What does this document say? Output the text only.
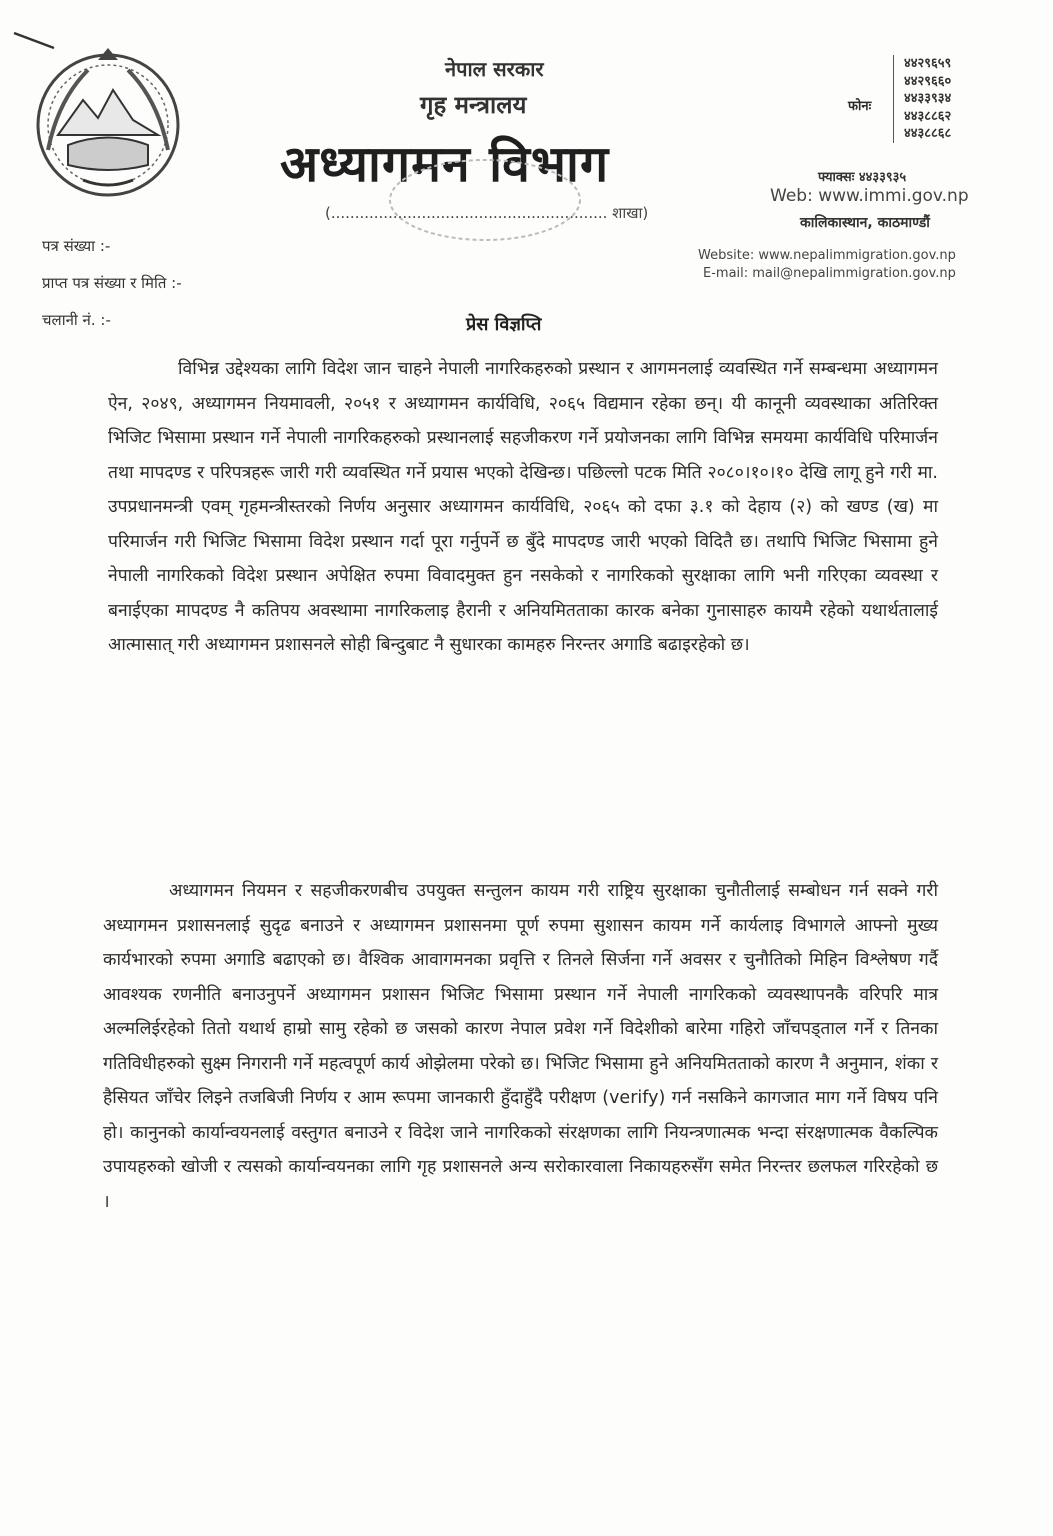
नेपाल सरकार
गृह मन्त्रालय
अध्यागमन विभाग
(.......................................................... शाखा)
फोनः
४४२९६५९
४४२९६६०
४४३३९३४
४४३८८६२
४४३८८६८
फ्याक्सः ४४३३९३५
Web: www.immi.gov.np
कालिकास्थान, काठमाण्डौं
Website: www.nepalimmigration.gov.np
E-mail: mail@nepalimmigration.gov.np
पत्र संख्या :-
प्राप्त पत्र संख्या र मिति :-
चलानी नं. :-	प्रेस विज्ञप्ति
विभिन्न उद्देश्यका लागि विदेश जान चाहने नेपाली नागरिकहरुको प्रस्थान र आगमनलाई व्यवस्थित गर्ने सम्बन्धमा अध्यागमन ऐन, २०४९, अध्यागमन नियमावली, २०५१ र अध्यागमन कार्यविधि, २०६५ विद्यमान रहेका छन्। यी कानूनी व्यवस्थाका अतिरिक्त भिजिट भिसामा प्रस्थान गर्ने नेपाली नागरिकहरुको प्रस्थानलाई सहजीकरण गर्ने प्रयोजनका लागि विभिन्न समयमा कार्यविधि परिमार्जन तथा मापदण्ड र परिपत्रहरू जारी गरी व्यवस्थित गर्ने प्रयास भएको देखिन्छ। पछिल्लो पटक मिति २०८०।१०।१० देखि लागू हुने गरी मा. उपप्रधानमन्त्री एवम् गृहमन्त्रीस्तरको निर्णय अनुसार अध्यागमन कार्यविधि, २०६५ को दफा ३.१ को देहाय (२) को खण्ड (ख) मा परिमार्जन गरी भिजिट भिसामा विदेश प्रस्थान गर्दा पूरा गर्नुपर्ने छ बुँदे मापदण्ड जारी भएको विदितै छ। तथापि भिजिट भिसामा हुने नेपाली नागरिकको विदेश प्रस्थान अपेक्षित रुपमा विवादमुक्त हुन नसकेको र नागरिकको सुरक्षाका लागि भनी गरिएका व्यवस्था र बनाईएका मापदण्ड नै कतिपय अवस्थामा नागरिकलाइ हैरानी र अनियमितताका कारक बनेका गुनासाहरु कायमै रहेको यथार्थतालाई आत्मासात् गरी अध्यागमन प्रशासनले सोही बिन्दुबाट नै सुधारका कामहरु निरन्तर अगाडि बढाइरहेको छ।
अध्यागमन नियमन र सहजीकरणबीच उपयुक्त सन्तुलन कायम गरी राष्ट्रिय सुरक्षाका चुनौतीलाई सम्बोधन गर्न सक्ने गरी अध्यागमन प्रशासनलाई सुदृढ बनाउने र अध्यागमन प्रशासनमा पूर्ण रुपमा सुशासन कायम गर्ने कार्यलाइ विभागले आफ्नो मुख्य कार्यभारको रुपमा अगाडि बढाएको छ। वैश्विक आवागमनका प्रवृत्ति र तिनले सिर्जना गर्ने अवसर र चुनौतिको मिहिन विश्लेषण गर्दै आवश्यक रणनीति बनाउनुपर्ने अध्यागमन प्रशासन भिजिट भिसामा प्रस्थान गर्ने नेपाली नागरिकको व्यवस्थापनकै वरिपरि मात्र अल्मलिईरहेको तितो यथार्थ हाम्रो सामु रहेको छ जसको कारण नेपाल प्रवेश गर्ने विदेशीको बारेमा गहिरो जाँचपड्ताल गर्ने र तिनका गतिविधीहरुको सुक्ष्म निगरानी गर्ने महत्वपूर्ण कार्य ओझेलमा परेको छ। भिजिट भिसामा हुने अनियमितताको कारण नै अनुमान, शंका र हैसियत जाँचेर लिइने तजबिजी निर्णय र आम रूपमा जानकारी हुँदाहुँदै परीक्षण (verify) गर्न नसकिने कागजात माग गर्ने विषय पनि हो। कानुनको कार्यान्वयनलाई वस्तुगत बनाउने र विदेश जाने नागरिकको संरक्षणका लागि नियन्त्रणात्मक भन्दा संरक्षणात्मक वैकल्पिक उपायहरुको खोजी र त्यसको कार्यान्वयनका लागि गृह प्रशासनले अन्य सरोकारवाला निकायहरुसँग समेत निरन्तर छलफल गरिरहेको छ ।
